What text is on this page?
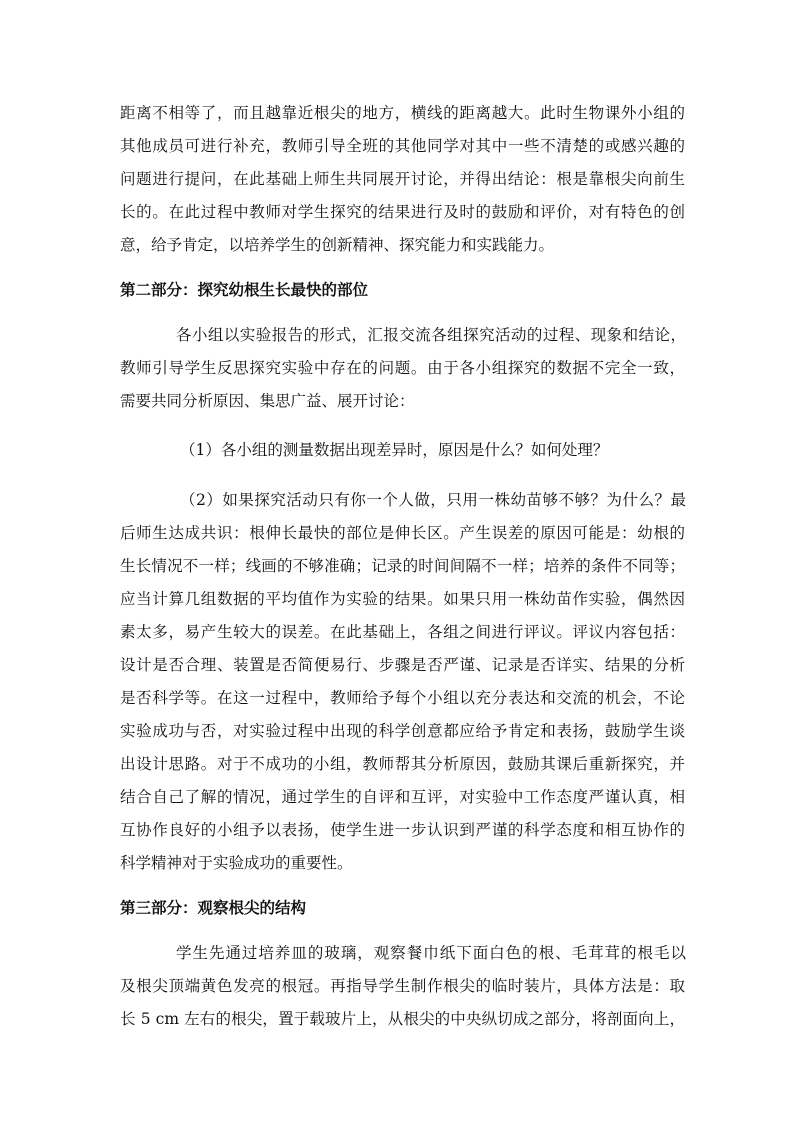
距离不相等了，而且越靠近根尖的地方，横线的距离越大。此时生物课外小组的
其他成员可进行补充，教师引导全班的其他同学对其中一些不清楚的或感兴趣的
问题进行提问，在此基础上师生共同展开讨论，并得出结论：根是靠根尖向前生
长的。在此过程中教师对学生探究的结果进行及时的鼓励和评价，对有特色的创
意，给予肯定，以培养学生的创新精神、探究能力和实践能力。
第二部分：探究幼根生长最快的部位
各小组以实验报告的形式，汇报交流各组探究活动的过程、现象和结论，
教师引导学生反思探究实验中存在的问题。由于各小组探究的数据不完全一致，
需要共同分析原因、集思广益、展开讨论：
（1）各小组的测量数据出现差异时，原因是什么？如何处理？
（2）如果探究活动只有你一个人做，只用一株幼苗够不够？为什么？最
后师生达成共识：根伸长最快的部位是伸长区。产生误差的原因可能是：幼根的
生长情况不一样；线画的不够准确；记录的时间间隔不一样；培养的条件不同等；
应当计算几组数据的平均值作为实验的结果。如果只用一株幼苗作实验，偶然因
素太多，易产生较大的误差。在此基础上，各组之间进行评议。评议内容包括：
设计是否合理、装置是否简便易行、步骤是否严谨、记录是否详实、结果的分析
是否科学等。在这一过程中，教师给予每个小组以充分表达和交流的机会，不论
实验成功与否，对实验过程中出现的科学创意都应给予肯定和表扬，鼓励学生谈
出设计思路。对于不成功的小组，教师帮其分析原因，鼓励其课后重新探究，并
结合自己了解的情况，通过学生的自评和互评，对实验中工作态度严谨认真，相
互协作良好的小组予以表扬，使学生进一步认识到严谨的科学态度和相互协作的
科学精神对于实验成功的重要性。
第三部分：观察根尖的结构
学生先通过培养皿的玻璃，观察餐巾纸下面白色的根、毛茸茸的根毛以
及根尖顶端黄色发亮的根冠。再指导学生制作根尖的临时装片，具体方法是：取
长 5 cm 左右的根尖，置于载玻片上，从根尖的中央纵切成之部分，将剖面向上，
